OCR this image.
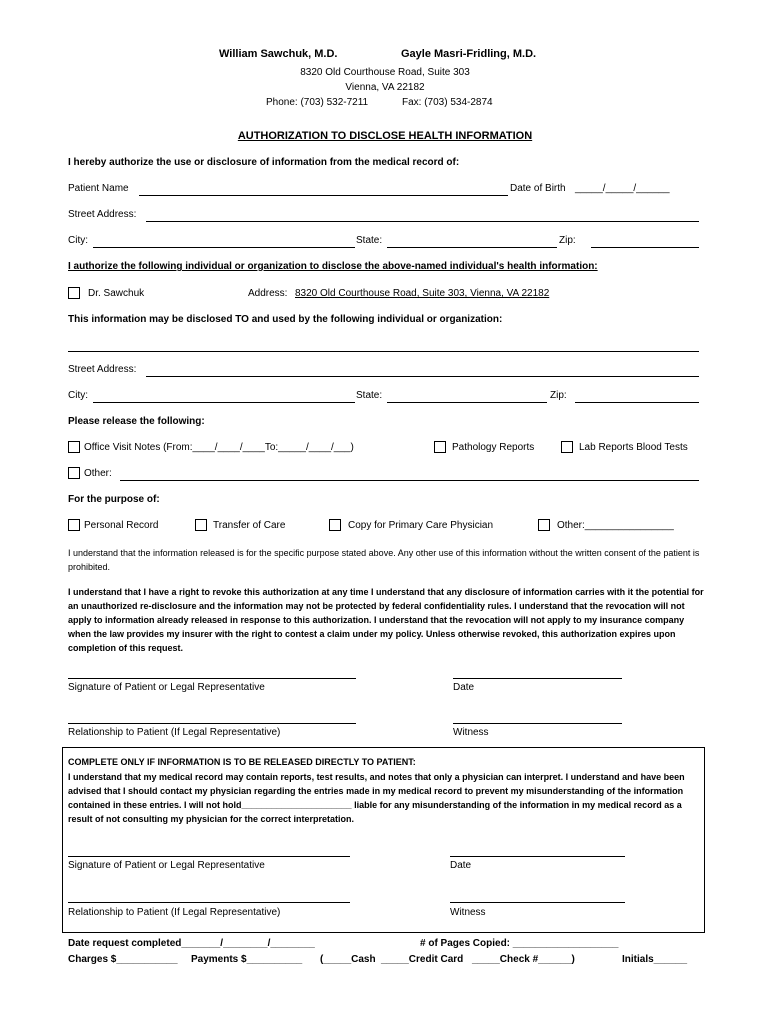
William Sawchuk, M.D.	Gayle Masri-Fridling, M.D.
8320 Old Courthouse Road, Suite 303
Vienna, VA 22182
Phone: (703) 532-7211	Fax: (703) 534-2874
AUTHORIZATION TO DISCLOSE HEALTH INFORMATION
I hereby authorize the use or disclosure of information from the medical record of:
Patient Name	Date of Birth _____/_____/______
Street Address:
City:	State:	Zip:
I authorize the following individual or organization to disclose the above-named individual's health information:
Dr. Sawchuk	Address: 8320 Old Courthouse Road, Suite 303, Vienna, VA 22182
This information may be disclosed TO and used by the following individual or organization:
Street Address:
City:	State:	Zip:
Please release the following:
Office Visit Notes (From:____/____/____To:_____/____/___)	Pathology Reports	Lab Reports Blood Tests
Other:
For the purpose of:
Personal Record	Transfer of Care	Copy for Primary Care Physician	Other:________________
I understand that the information released is for the specific purpose stated above. Any other use of this information without the written consent of the patient is prohibited.
I understand that I have a right to revoke this authorization at any time I understand that any disclosure of information carries with it the potential for an unauthorized re-disclosure and the information may not be protected by federal confidentiality rules. I understand that the revocation will not apply to information already released in response to this authorization. I understand that the revocation will not apply to my insurance company when the law provides my insurer with the right to contest a claim under my policy. Unless otherwise revoked, this authorization expires upon completion of this request.
Signature of Patient or Legal Representative	Date
Relationship to Patient (If Legal Representative)	Witness
COMPLETE ONLY IF INFORMATION IS TO BE RELEASED DIRECTLY TO PATIENT:
I understand that my medical record may contain reports, test results, and notes that only a physician can interpret. I understand and have been advised that I should contact my physician regarding the entries made in my medical record to prevent my misunderstanding of the information contained in these entries. I will not hold______________________ liable for any misunderstanding of the information in my medical record as a result of not consulting my physician for the correct interpretation.
Signature of Patient or Legal Representative	Date
Relationship to Patient (If Legal Representative)	Witness
Date request completed_______/________/________	# of Pages Copied: ___________________
Charges $___________ Payments $__________ (_____Cash _____Credit Card _____Check #______)	Initials______
